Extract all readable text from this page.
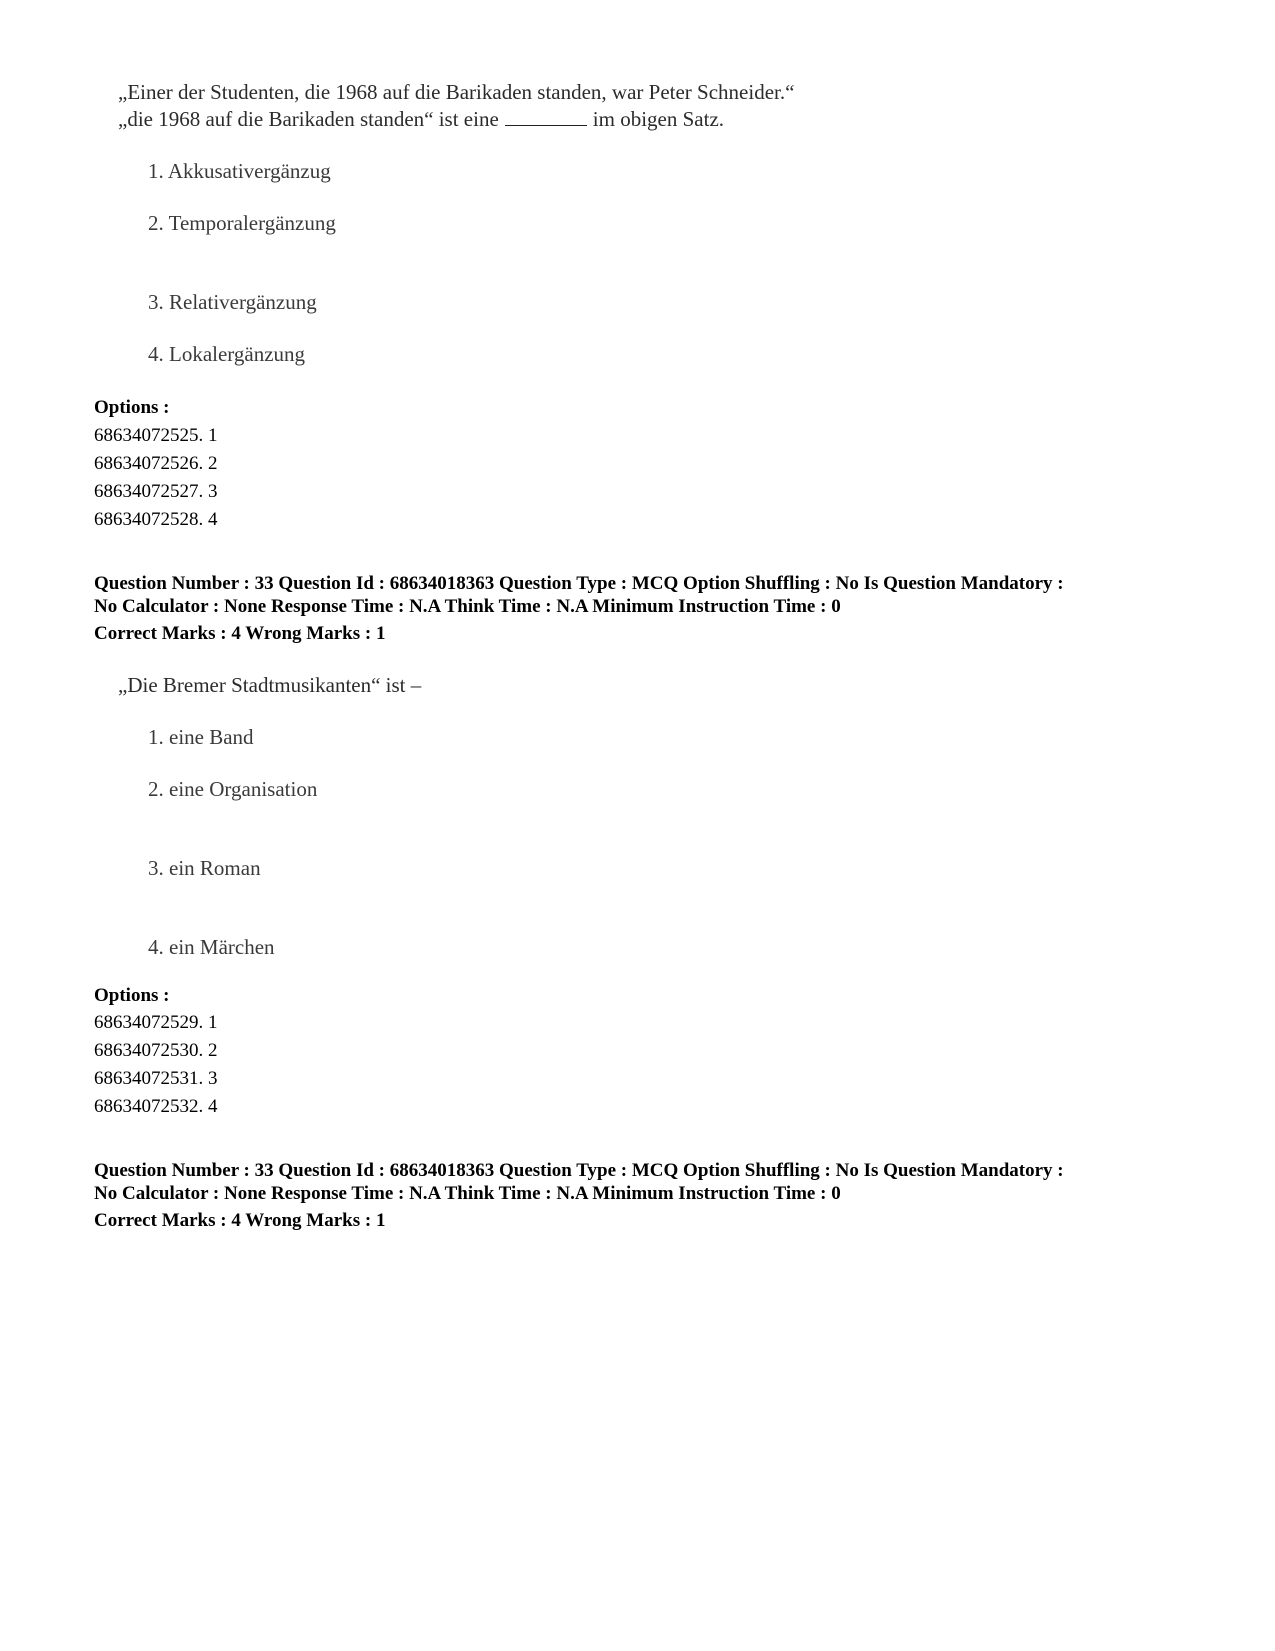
„Einer der Studenten, die 1968 auf die Barikaden standen, war Peter Schneider.“
„die 1968 auf die Barikaden standen“ ist eine	im obigen Satz.
1. Akkusativergänzug
2. Temporalergänzung
3. Relativergänzung
4. Lokalergänzung
Options :
68634072525. 1
68634072526. 2
68634072527. 3
68634072528. 4
Question Number : 33 Question Id : 68634018363 Question Type : MCQ Option Shuffling : No Is Question Mandatory :
No Calculator : None Response Time : N.A Think Time : N.A Minimum Instruction Time : 0
Correct Marks : 4 Wrong Marks : 1
„Die Bremer Stadtmusikanten“ ist –
1. eine Band
2. eine Organisation
3. ein Roman
4. ein Märchen
Options :
68634072529. 1
68634072530. 2
68634072531. 3
68634072532. 4
Question Number : 33 Question Id : 68634018363 Question Type : MCQ Option Shuffling : No Is Question Mandatory :
No Calculator : None Response Time : N.A Think Time : N.A Minimum Instruction Time : 0
Correct Marks : 4 Wrong Marks : 1
